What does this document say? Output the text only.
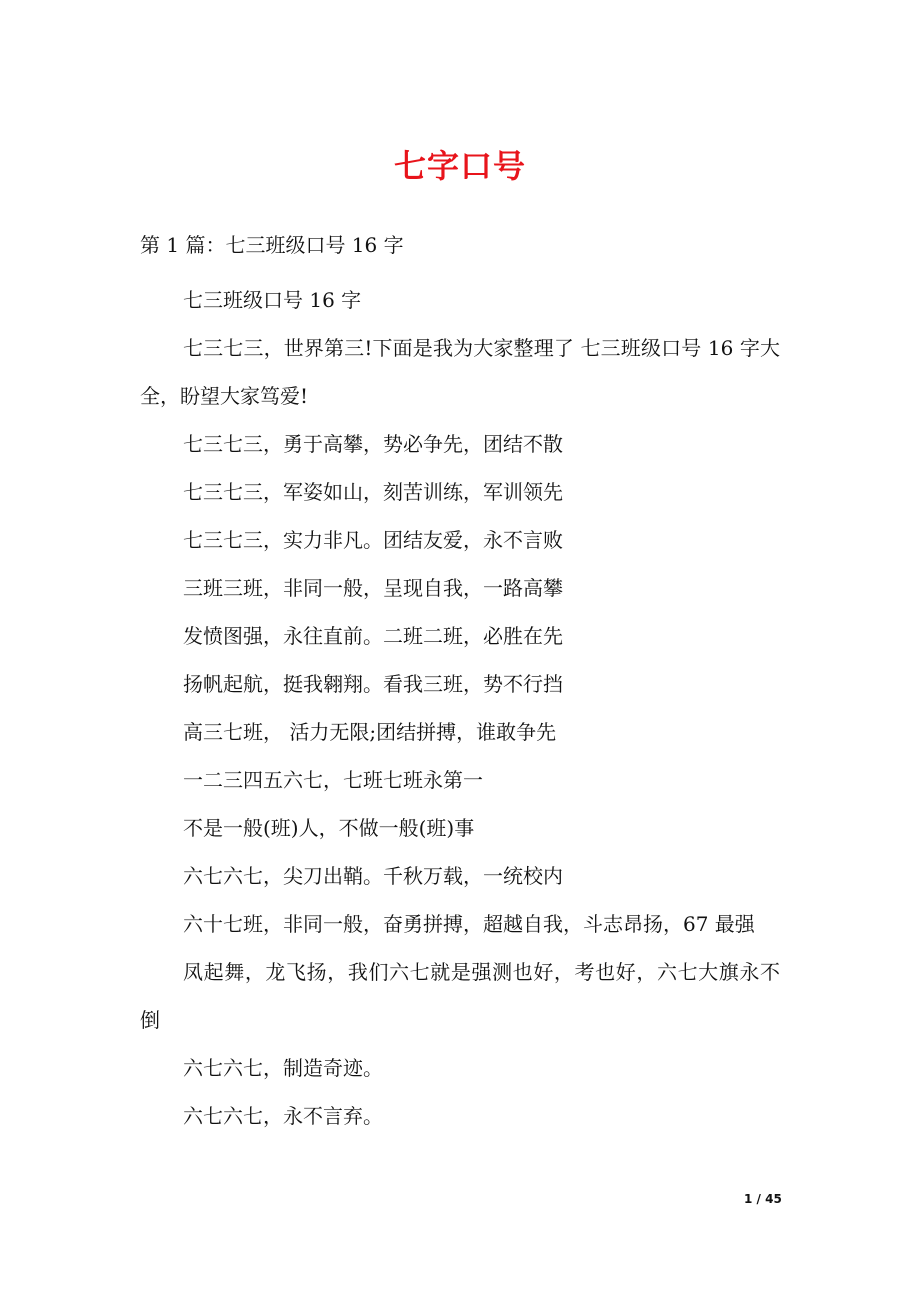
七字口号
第 1 篇：七三班级口号 16 字

七三班级口号 16 字

七三七三，世界第三!下面是我为大家整理了 七三班级口号 16 字大全，盼望大家笃爱!

七三七三，勇于高攀，势必争先，团结不散

七三七三，军姿如山，刻苦训练，军训领先

七三七三，实力非凡。团结友爱，永不言败

三班三班，非同一般，呈现自我，一路高攀

发愤图强，永往直前。二班二班，必胜在先

扬帆起航，挺我翱翔。看我三班，势不行挡

高三七班， 活力无限;团结拼搏，谁敢争先

一二三四五六七，七班七班永第一

不是一般(班)人，不做一般(班)事

六七六七，尖刀出鞘。千秋万载，一统校内

六十七班，非同一般，奋勇拼搏，超越自我，斗志昂扬，67 最强

凤起舞，龙飞扬，我们六七就是强测也好，考也好，六七大旗永不倒

六七六七，制造奇迹。

六七六七，永不言弃。

1 / 45
